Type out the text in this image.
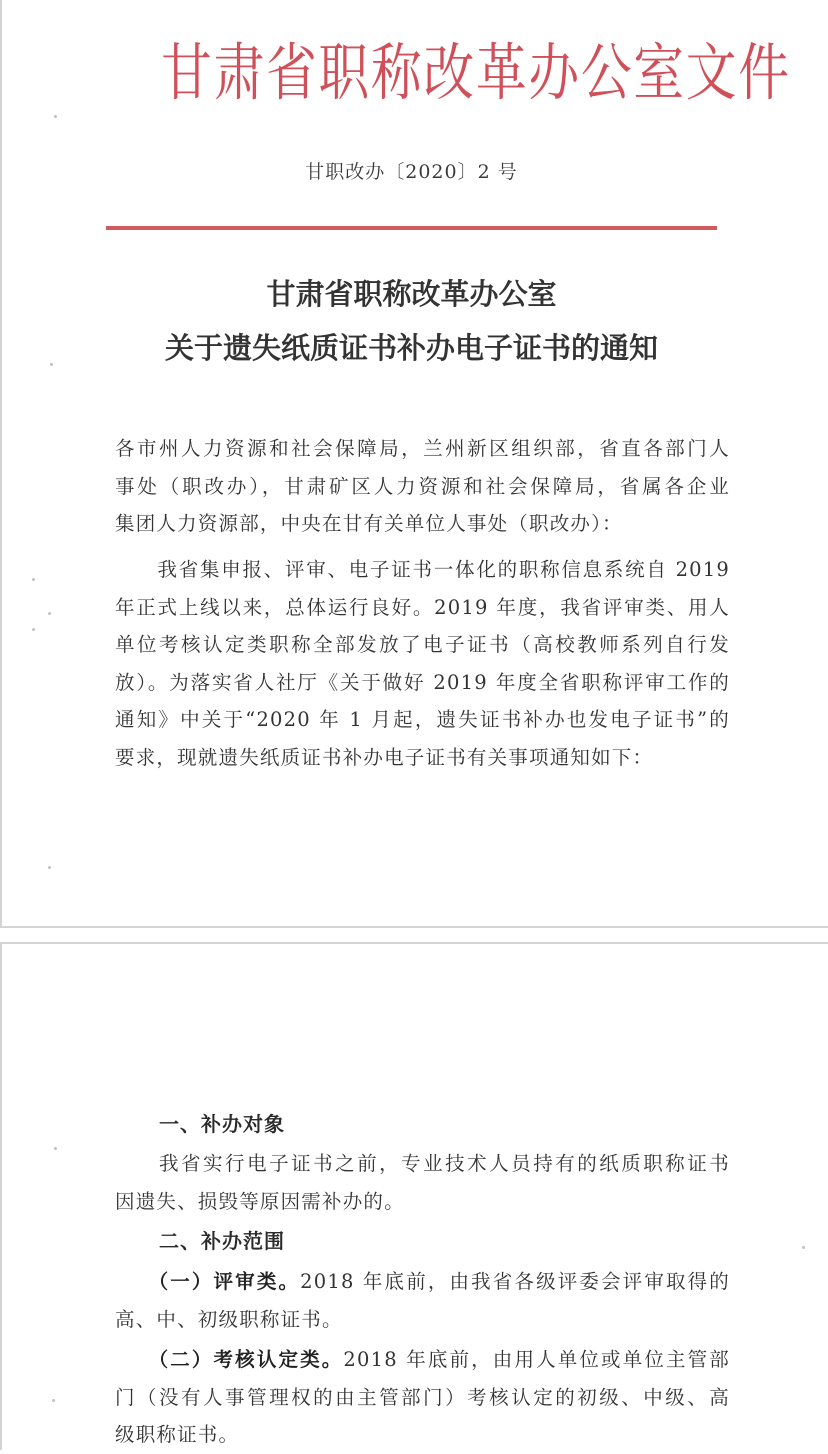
甘肃省职称改革办公室文件
甘职改办〔2020〕2 号
甘肃省职称改革办公室
关于遗失纸质证书补办电子证书的通知
各市州人力资源和社会保障局，兰州新区组织部，省直各部门人
事处（职改办），甘肃矿区人力资源和社会保障局，省属各企业
集团人力资源部，中央在甘有关单位人事处（职改办）：
　　我省集申报、评审、电子证书一体化的职称信息系统自 2019
年正式上线以来，总体运行良好。2019 年度，我省评审类、用人
单位考核认定类职称全部发放了电子证书（高校教师系列自行发
放）。为落实省人社厅《关于做好 2019 年度全省职称评审工作的
通知》中关于“2020 年 1 月起，遗失证书补办也发电子证书”的
要求，现就遗失纸质证书补办电子证书有关事项通知如下：
一、补办对象
　　我省实行电子证书之前，专业技术人员持有的纸质职称证书
因遗失、损毁等原因需补办的。
二、补办范围
　　（一）评审类。2018 年底前，由我省各级评委会评审取得的
高、中、初级职称证书。
　　（二）考核认定类。2018 年底前，由用人单位或单位主管部
门（没有人事管理权的由主管部门）考核认定的初级、中级、高
级职称证书。
